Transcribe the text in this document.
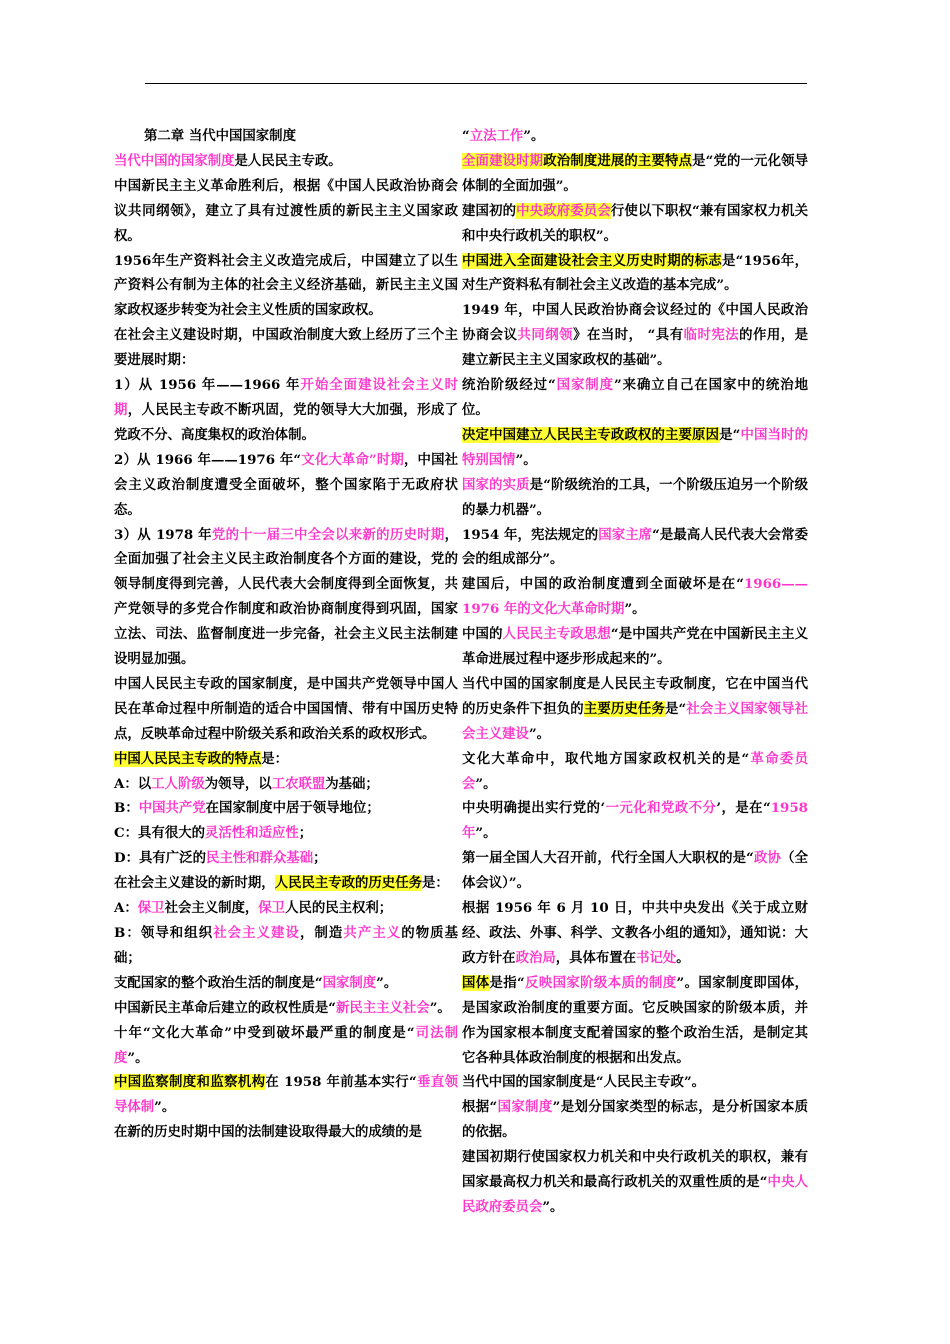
第二章 当代中国国家制度

当代中国的国家制度是人民民主专政。

中国新民主主义革命胜利后，根据《中国人民政治协商会议共同纲领》，建立了具有过渡性质的新民主主义国家政权。

1956年生产资料社会主义改造完成后，中国建立了以生产资料公有制为主体的社会主义经济基础，新民主主义国家政权逐步转变为社会主义性质的国家政权。

在社会主义建设时期，中国政治制度大致上经历了三个主要进展时期：

1）从 1956 年——1966 年开始全面建设社会主义时期，人民民主专政不断巩固，党的领导大大加强，形成了党政不分、高度集权的政治体制。

2）从 1966 年——1976 年“文化大革命”时期，中国社会主义政治制度遭受全面破坏，整个国家陷于无政府状态。

3）从 1978 年党的十一届三中全会以来新的历史时期，全面加强了社会主义民主政治制度各个方面的建设，党的领导制度得到完善，人民代表大会制度得到全面恢复，共产党领导的多党合作制度和政治协商制度得到巩固，国家立法、司法、监督制度进一步完备，社会主义民主法制建设明显加强。

中国人民民主专政的国家制度，是中国共产党领导中国人民在革命过程中所制造的适合中国国情、带有中国历史特点，反映革命过程中阶级关系和政治关系的政权形式。

中国人民民主专政的特点是：

A：以工人阶级为领导，以工农联盟为基础；

B：中国共产党在国家制度中居于领导地位；

C：具有很大的灵活性和适应性；

D：具有广泛的民主性和群众基础；

在社会主义建设的新时期，人民民主专政的历史任务是：

A：保卫社会主义制度，保卫人民的民主权利；

B：领导和组织社会主义建设，制造共产主义的物质基础；

支配国家的整个政治生活的制度是“国家制度”。

中国新民主革命后建立的政权性质是“新民主主义社会”。

十年“文化大革命”中受到破坏最严重的制度是“司法制度”。

中国监察制度和监察机构在 1958 年前基本实行“垂直领导体制”。

在新的历史时期中国的法制建设取得最大的成绩的是

“立法工作”。

全面建设时期政治制度进展的主要特点是“党的一元化领导体制的全面加强”。

建国初的中央政府委员会行使以下职权“兼有国家权力机关和中央行政机关的职权”。

中国进入全面建设社会主义历史时期的标志是“1956年，对生产资料私有制社会主义改造的基本完成”。

1949 年，中国人民政治协商会议经过的《中国人民政治协商会议共同纲领》在当时， “具有临时宪法的作用，是建立新民主主义国家政权的基础”。

统治阶级经过“国家制度”来确立自己在国家中的统治地位。

决定中国建立人民民主专政政权的主要原因是“中国当时的特别国情”。

国家的实质是“阶级统治的工具，一个阶级压迫另一个阶级的暴力机器”。

1954 年，宪法规定的国家主席“是最高人民代表大会常委会的组成部分”。

建国后，中国的政治制度遭到全面破坏是在“1966——1976 年的文化大革命时期”。

中国的人民民主专政思想“是中国共产党在中国新民主主义革命进展过程中逐步形成起来的”。

当代中国的国家制度是人民民主专政制度，它在中国当代的历史条件下担负的主要历史任务是“社会主义国家领导社会主义建设”。

文化大革命中，取代地方国家政权机关的是“革命委员会”。

中央明确提出实行党的‘一元化和党政不分’，是在“1958 年”。

第一届全国人大召开前，代行全国人大职权的是“政协（全体会议）”。

根据 1956 年 6 月 10 日，中共中央发出《关于成立财经、政法、外事、科学、文教各小组的通知》，通知说：大政方针在政治局，具体布置在书记处。

国体是指“反映国家阶级本质的制度”。国家制度即国体，是国家政治制度的重要方面。它反映国家的阶级本质，并作为国家根本制度支配着国家的整个政治生活，是制定其它各种具体政治制度的根据和出发点。

当代中国的国家制度是“人民民主专政”。

根据“国家制度”是划分国家类型的标志，是分析国家本质的依据。

建国初期行使国家权力机关和中央行政机关的职权，兼有国家最高权力机关和最高行政机关的双重性质的是“中央人民政府委员会”。
